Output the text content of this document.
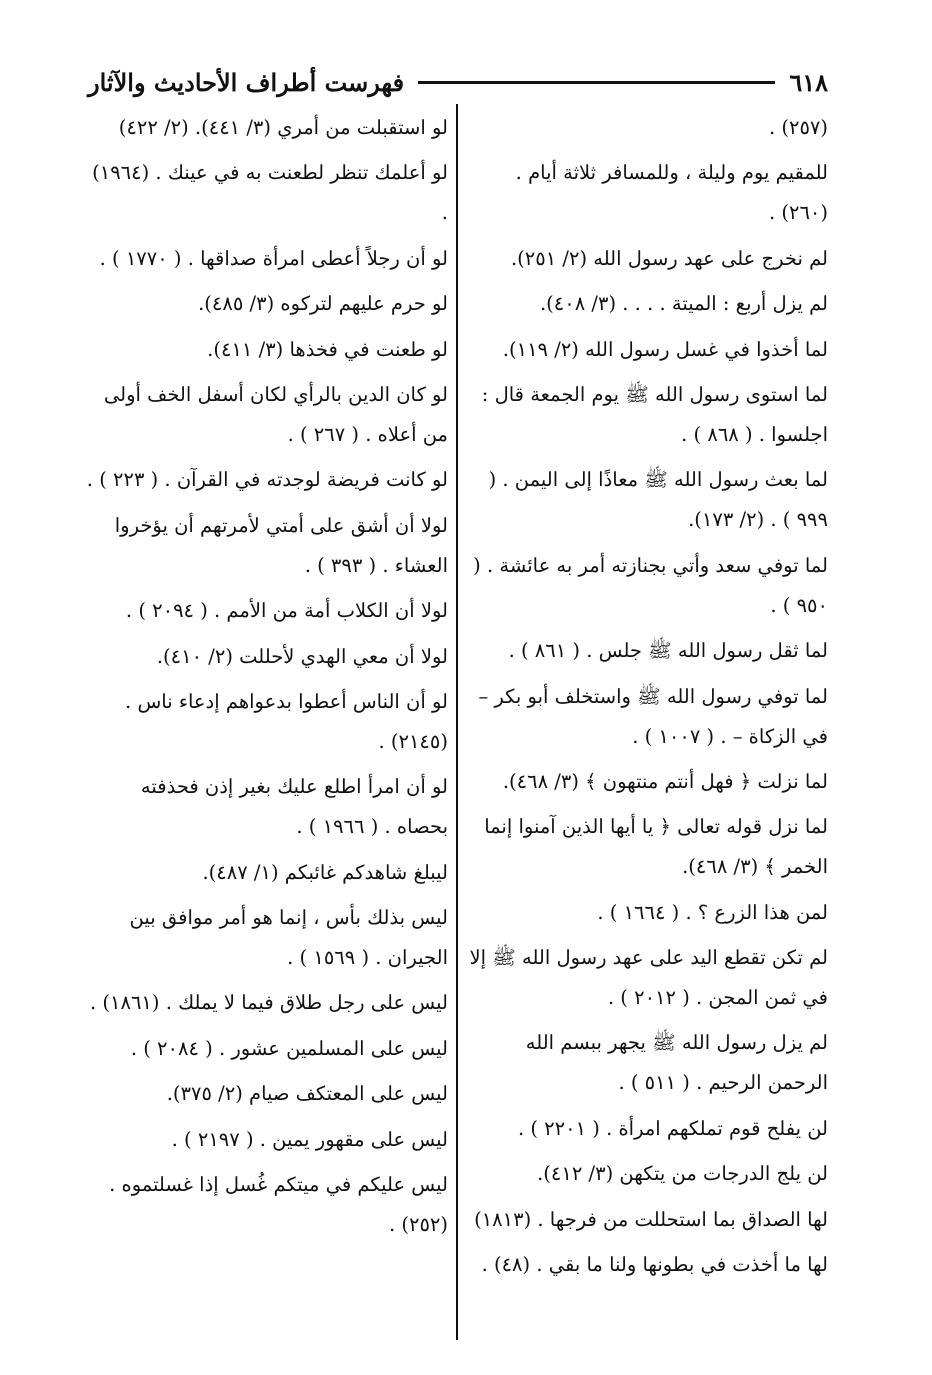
٦١٨
فهرست أطراف الأحاديث والآثار

(٢٥٧) .

للمقيم يوم وليلة ، وللمسافر ثلاثة أيام . (٢٦٠) .

لم نخرج على عهد رسول الله (٢/ ٢٥١).

لم يزل أربع : الميتة . . . . (٣/ ٤٠٨).

لما أخذوا في غسل رسول الله (٢/ ١١٩).

لما استوى رسول الله ﷺ يوم الجمعة قال : اجلسوا . ( ٨٦٨ ) .

لما بعث رسول الله ﷺ معاذًا إلى اليمن . ( ٩٩٩ ) . (٢/ ١٧٣).

لما توفي سعد وأتي بجنازته أمر به عائشة . ( ٩٥٠ ) .

لما ثقل رسول الله ﷺ جلس . ( ٨٦١ ) .

لما توفي رسول الله ﷺ واستخلف أبو بكر – في الزكاة – . ( ١٠٠٧ ) .

لما نزلت ﴿ فهل أنتم منتهون ﴾ (٣/ ٤٦٨).

لما نزل قوله تعالى ﴿ يا أيها الذين آمنوا إنما الخمر ﴾ (٣/ ٤٦٨).

لمن هذا الزرع ؟ . ( ١٦٦٤ ) .

لم تكن تقطع اليد على عهد رسول الله ﷺ إلا في ثمن المجن . ( ٢٠١٢ ) .

لم يزل رسول الله ﷺ يجهر ببسم الله الرحمن الرحيم . ( ٥١١ ) .

لن يفلح قوم تملكهم امرأة . ( ٢٢٠١ ) .

لن يلج الدرجات من يتكهن (٣/ ٤١٢).

لها الصداق بما استحللت من فرجها . (١٨١٣)

لها ما أخذت في بطونها ولنا ما بقي . (٤٨) .

لو استقبلت من أمري (٣/ ٤٤١). (٢/ ٤٢٢)

لو أعلمك تنظر لطعنت به في عينك . (١٩٦٤) .

لو أن رجلاً أعطى امرأة صداقها . ( ١٧٧٠ ) .

لو حرم عليهم لتركوه (٣/ ٤٨٥).

لو طعنت في فخذها (٣/ ٤١١).

لو كان الدين بالرأي لكان أسفل الخف أولى من أعلاه . ( ٢٦٧ ) .

لو كانت فريضة لوجدته في القرآن . ( ٢٢٣ ) .

لولا أن أشق على أمتي لأمرتهم أن يؤخروا العشاء . ( ٣٩٣ ) .

لولا أن الكلاب أمة من الأمم . ( ٢٠٩٤ ) .

لولا أن معي الهدي لأحللت (٢/ ٤١٠).

لو أن الناس أعطوا بدعواهم إدعاء ناس . (٢١٤٥) .

لو أن امرأ اطلع عليك بغير إذن فحذفته بحصاه . ( ١٩٦٦ ) .

ليبلغ شاهدكم غائبكم (١/ ٤٨٧).

ليس بذلك بأس ، إنما هو أمر موافق بين الجيران . ( ١٥٦٩ ) .

ليس على رجل طلاق فيما لا يملك . (١٨٦١) .

ليس على المسلمين عشور . ( ٢٠٨٤ ) .

ليس على المعتكف صيام (٢/ ٣٧٥).

ليس على مقهور يمين . ( ٢١٩٧ ) .

ليس عليكم في ميتكم غُسل إذا غسلتموه . (٢٥٢) .
